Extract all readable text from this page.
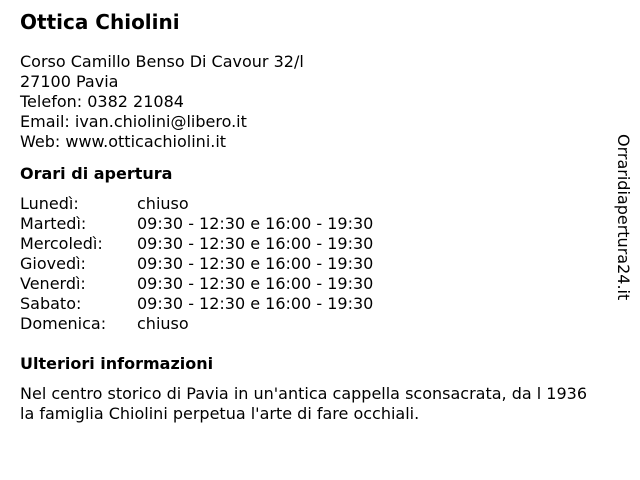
Ottica Chiolini
Corso Camillo Benso Di Cavour 32/l
27100 Pavia
Telefon: 0382 21084
Email: ivan.chiolini@libero.it
Web: www.otticachiolini.it
Orari di apertura
Lunedì:	chiuso
Martedì:	09:30 - 12:30 e 16:00 - 19:30
Mercoledì: 09:30 - 12:30 e 16:00 - 19:30
Giovedì:	09:30 - 12:30 e 16:00 - 19:30
Venerdì:	09:30 - 12:30 e 16:00 - 19:30
Sabato:	09:30 - 12:30 e 16:00 - 19:30
Domenica: chiuso
Ulteriori informazioni

Nel centro storico di Pavia in un'antica cappella sconsacrata, da l 1936 la famiglia Chiolini perpetua l'arte di fare occhiali.

Orraridiapertura24.it
